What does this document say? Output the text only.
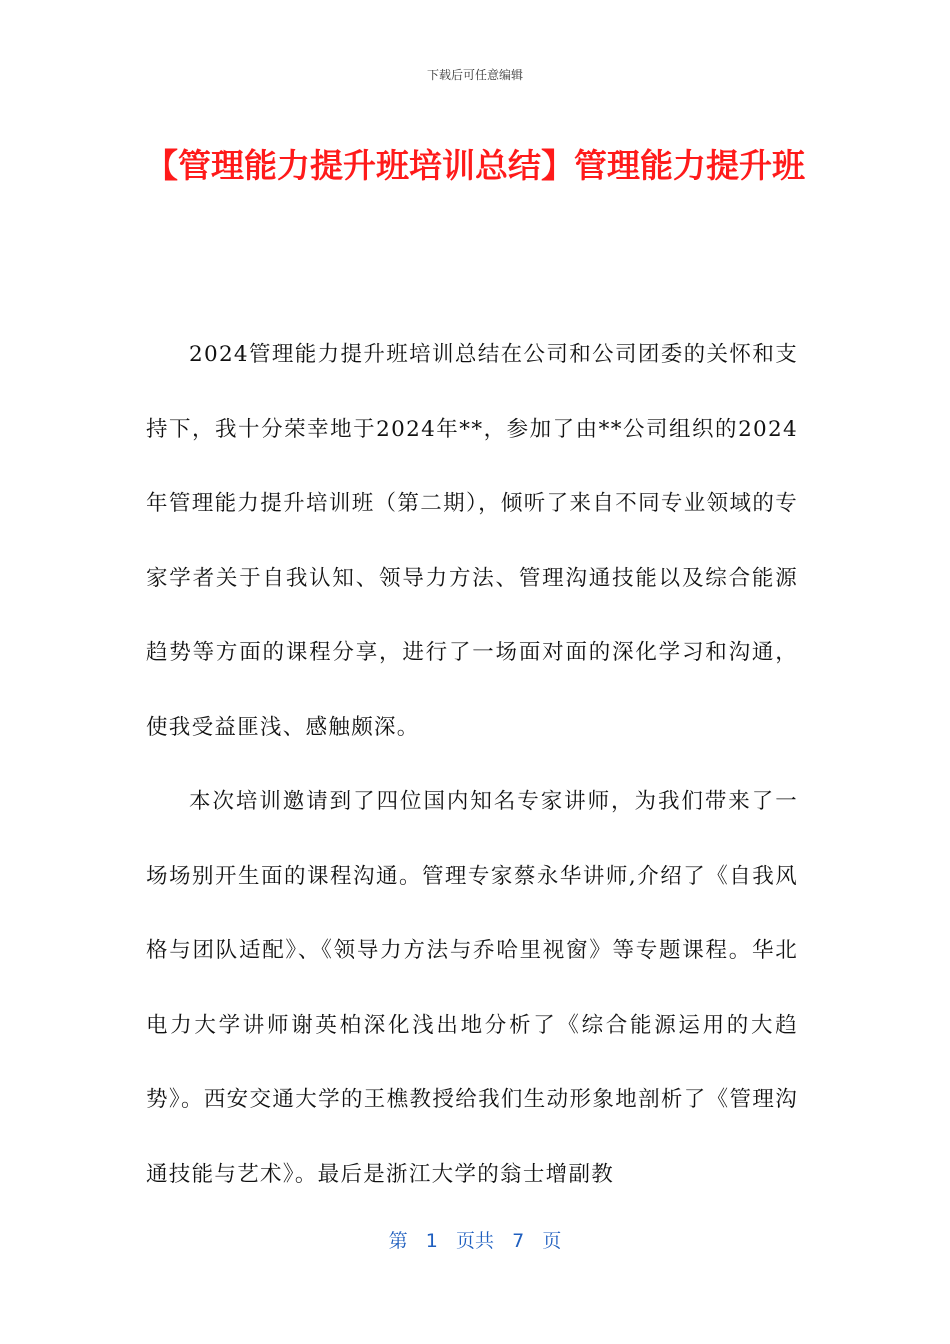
下载后可任意编辑
【管理能力提升班培训总结】管理能力提升班

2024管理能力提升班培训总结在公司和公司团委的关怀和支持下，我十分荣幸地于2024年**，参加了由**公司组织的2024年管理能力提升培训班（第二期），倾听了来自不同专业领域的专家学者关于自我认知、领导力方法、管理沟通技能以及综合能源趋势等方面的课程分享，进行了一场面对面的深化学习和沟通，使我受益匪浅、感触颇深。

本次培训邀请到了四位国内知名专家讲师，为我们带来了一场场别开生面的课程沟通。管理专家蔡永华讲师,介绍了《自我风格与团队适配》、《领导力方法与乔哈里视窗》等专题课程。华北电力大学讲师谢英柏深化浅出地分析了《综合能源运用的大趋势》。西安交通大学的王樵教授给我们生动形象地剖析了《管理沟通技能与艺术》。最后是浙江大学的翁士增副教

第 1 页共 7 页
